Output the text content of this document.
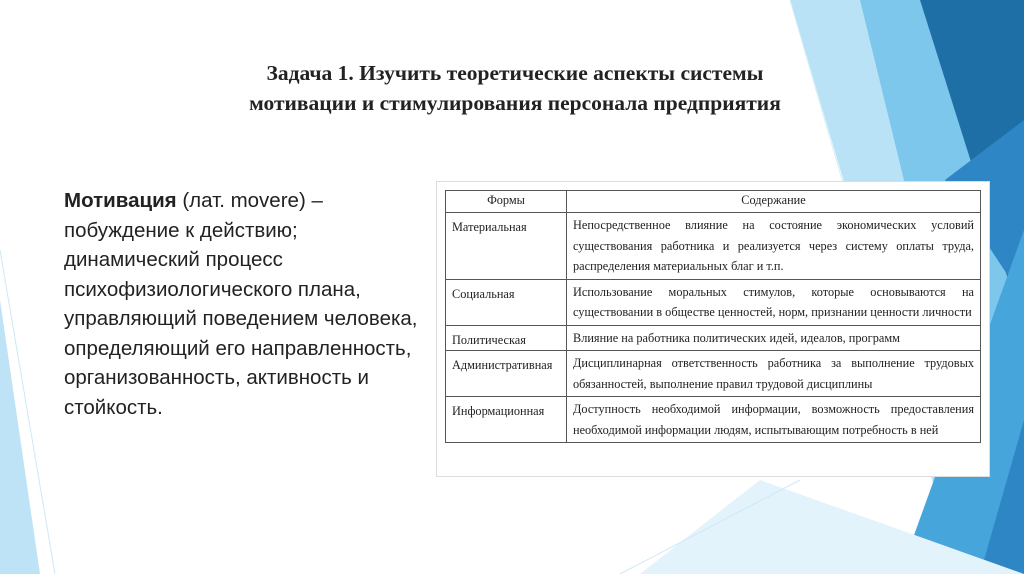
Задача 1. Изучить теоретические аспекты системы
мотивации и стимулирования персонала предприятия
Мотивация (лат. movere) – побуждение к действию; динамический процесс психофизиологического плана, управляющий поведением человека, определяющий его направленность, организованность, активность и стойкость.
Формы	Содержание
Материальная	Непосредственное влияние на состояние экономических условий существования работника и реализуется через систему оплаты труда, распределения материальных благ и т.п.
Социальная	Использование моральных стимулов, которые основываются на существовании в обществе ценностей, норм, признании ценности личности
Политическая	Влияние на работника политических идей, идеалов, программ
Административная	Дисциплинарная ответственность работника за выполнение трудовых обязанностей, выполнение правил трудовой дисциплины
Информационная	Доступность необходимой информации, возможность предоставления необходимой информации людям, испытывающим потребность в ней
